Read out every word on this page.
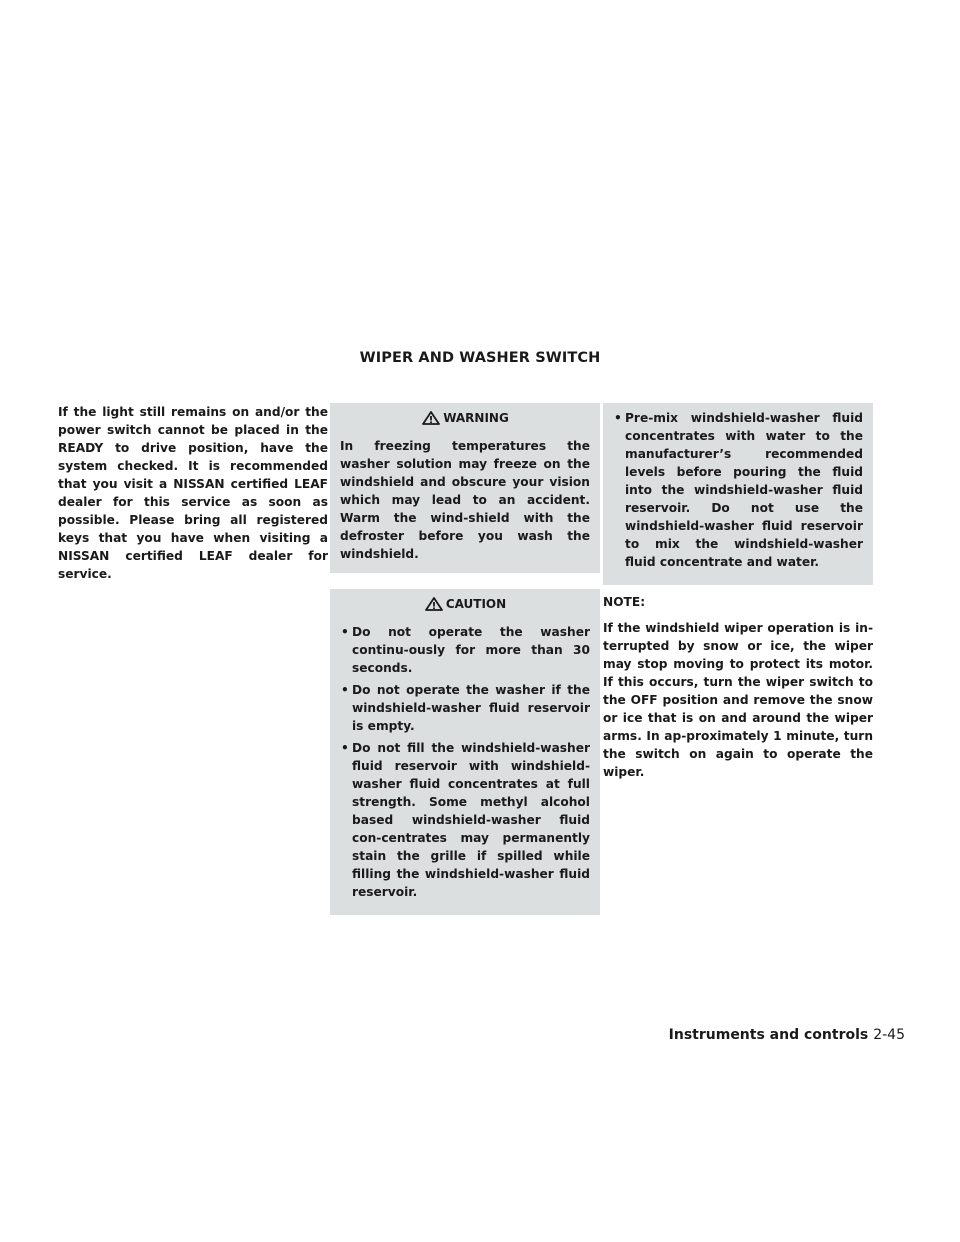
WIPER AND WASHER SWITCH

If the light still remains on and/or the power switch cannot be placed in the READY to drive position, have the system checked. It is recommended that you visit a NISSAN certified LEAF dealer for this service as soon as possible. Please bring all registered keys that you have when visiting a NISSAN certified LEAF dealer for service.

WARNING

In freezing temperatures the washer solution may freeze on the windshield and obscure your vision which may lead to an accident. Warm the wind-shield with the defroster before you wash the windshield.

CAUTION
• Do not operate the washer continu-ously for more than 30 seconds.
• Do not operate the washer if the windshield-washer fluid reservoir is empty.
• Do not fill the windshield-washer fluid reservoir with windshield-washer fluid concentrates at full strength. Some methyl alcohol based windshield-washer fluid con-centrates may permanently stain the grille if spilled while filling the windshield-washer fluid reservoir.
• Pre-mix windshield-washer fluid concentrates with water to the manufacturer’s recommended levels before pouring the fluid into the windshield-washer fluid reservoir. Do not use the windshield-washer fluid reservoir to mix the windshield-washer fluid concentrate and water.
NOTE:

If the windshield wiper operation is in-terrupted by snow or ice, the wiper may stop moving to protect its motor. If this occurs, turn the wiper switch to the OFF position and remove the snow or ice that is on and around the wiper arms. In ap-proximately 1 minute, turn the switch on again to operate the wiper.

Instruments and controls 2-45
